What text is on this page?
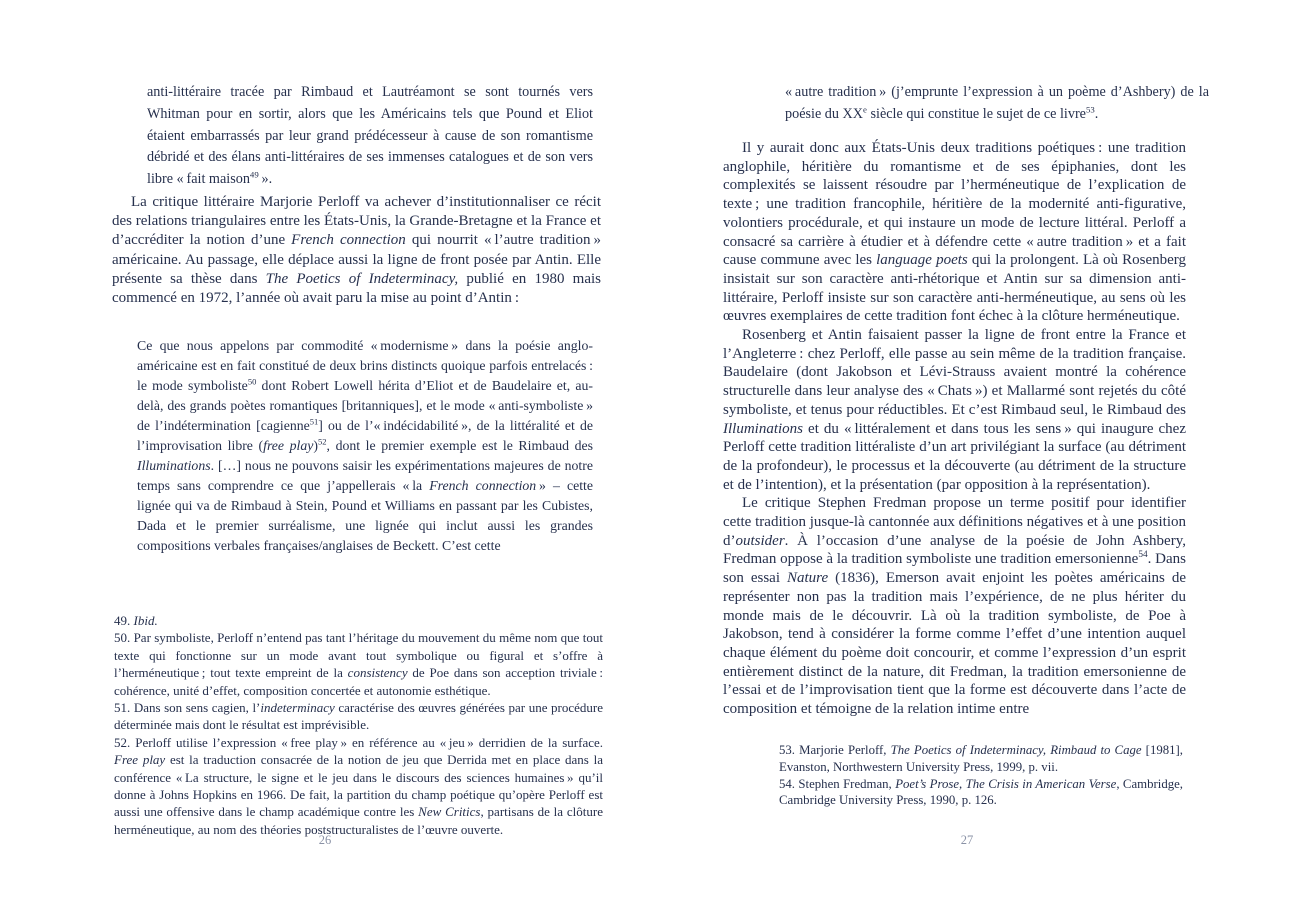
anti-littéraire tracée par Rimbaud et Lautréamont se sont tournés vers Whitman pour en sortir, alors que les Américains tels que Pound et Eliot étaient embarrassés par leur grand prédécesseur à cause de son romantisme débridé et des élans anti-littéraires de ses immenses catalogues et de son vers libre « fait maison$^{49}$ ».
La critique littéraire Marjorie Perloff va achever d’institutionnaliser ce récit des relations triangulaires entre les États-Unis, la Grande-Bretagne et la France et d’accréditer la notion d’une French connection qui nourrit « l’autre tradition » américaine. Au passage, elle déplace aussi la ligne de front posée par Antin. Elle présente sa thèse dans The Poetics of Indeterminacy, publié en 1980 mais commencé en 1972, l’année où avait paru la mise au point d’Antin :
Ce que nous appelons par commodité « modernisme » dans la poésie anglo-américaine est en fait constitué de deux brins distincts quoique parfois entrelacés : le mode symboliste$^{50}$ dont Robert Lowell hérita d’Eliot et de Baudelaire et, au-delà, des grands poètes romantiques [britanniques], et le mode « anti-symboliste » de l’indétermination [cagienne$^{51}$] ou de l’« indécidabilité », de la littéralité et de l’improvisation libre (free play)$^{52}$, dont le premier exemple est le Rimbaud des Illuminations. […] nous ne pouvons saisir les expérimentations majeures de notre temps sans comprendre ce que j’appellerais « la French connection » – cette lignée qui va de Rimbaud à Stein, Pound et Williams en passant par les Cubistes, Dada et le premier surréalisme, une lignée qui inclut aussi les grandes compositions verbales françaises/anglaises de Beckett. C’est cette

49. Ibid.

50. Par symboliste, Perloff n’entend pas tant l’héritage du mouvement du même nom que tout texte qui fonctionne sur un mode avant tout symbolique ou figural et s’offre à l’herméneutique ; tout texte empreint de la consistency de Poe dans son acception triviale : cohérence, unité d’effet, composition concertée et autonomie esthétique.

51. Dans son sens cagien, l’indeterminacy caractérise des œuvres générées par une procédure déterminée mais dont le résultat est imprévisible.

52. Perloff utilise l’expression « free play » en référence au « jeu » derridien de la surface. Free play est la traduction consacrée de la notion de jeu que Derrida met en place dans la conférence « La structure, le signe et le jeu dans le discours des sciences humaines » qu’il donne à Johns Hopkins en 1966. De fait, la partition du champ poétique qu’opère Perloff est aussi une offensive dans le champ académique contre les New Critics, partisans de la clôture herméneutique, au nom des théories poststructuralistes de l’œuvre ouverte.

26
« autre tradition » (j’emprunte l’expression à un poème d’Ashbery) de la poésie du XXe siècle qui constitue le sujet de ce livre$^{53}$.

Il y aurait donc aux États-Unis deux traditions poétiques : une tradition anglophile, héritière du romantisme et de ses épiphanies, dont les complexités se laissent résoudre par l’herméneutique de l’explication de texte ; une tradition francophile, héritière de la modernité anti-figurative, volontiers procédurale, et qui instaure un mode de lecture littéral. Perloff a consacré sa carrière à étudier et à défendre cette « autre tradition » et a fait cause commune avec les language poets qui la prolongent. Là où Rosenberg insistait sur son caractère anti-rhétorique et Antin sur sa dimension anti-littéraire, Perloff insiste sur son caractère anti-herméneutique, au sens où les œuvres exemplaires de cette tradition font échec à la clôture herméneutique.

Rosenberg et Antin faisaient passer la ligne de front entre la France et l’Angleterre : chez Perloff, elle passe au sein même de la tradition française. Baudelaire (dont Jakobson et Lévi-Strauss avaient montré la cohérence structurelle dans leur analyse des « Chats ») et Mallarmé sont rejetés du côté symboliste, et tenus pour réductibles. Et c’est Rimbaud seul, le Rimbaud des Illuminations et du « littéralement et dans tous les sens » qui inaugure chez Perloff cette tradition littéraliste d’un art privilégiant la surface (au détriment de la profondeur), le processus et la découverte (au détriment de la structure et de l’intention), et la présentation (par opposition à la représentation).

Le critique Stephen Fredman propose un terme positif pour identifier cette tradition jusque-là cantonnée aux définitions négatives et à une position d’outsider. À l’occasion d’une analyse de la poésie de John Ashbery, Fredman oppose à la tradition symboliste une tradition emersonienne$^{54}$. Dans son essai Nature (1836), Emerson avait enjoint les poètes américains de représenter non pas la tradition mais l’expérience, de ne plus hériter du monde mais de le découvrir. Là où la tradition symboliste, de Poe à Jakobson, tend à considérer la forme comme l’effet d’une intention auquel chaque élément du poème doit concourir, et comme l’expression d’un esprit entièrement distinct de la nature, dit Fredman, la tradition emersonienne de l’essai et de l’improvisation tient que la forme est découverte dans l’acte de composition et témoigne de la relation intime entre

53. Marjorie Perloff, The Poetics of Indeterminacy, Rimbaud to Cage [1981], Evanston, Northwestern University Press, 1999, p. vii.

54. Stephen Fredman, Poet’s Prose, The Crisis in American Verse, Cambridge, Cambridge University Press, 1990, p. 126.

27
